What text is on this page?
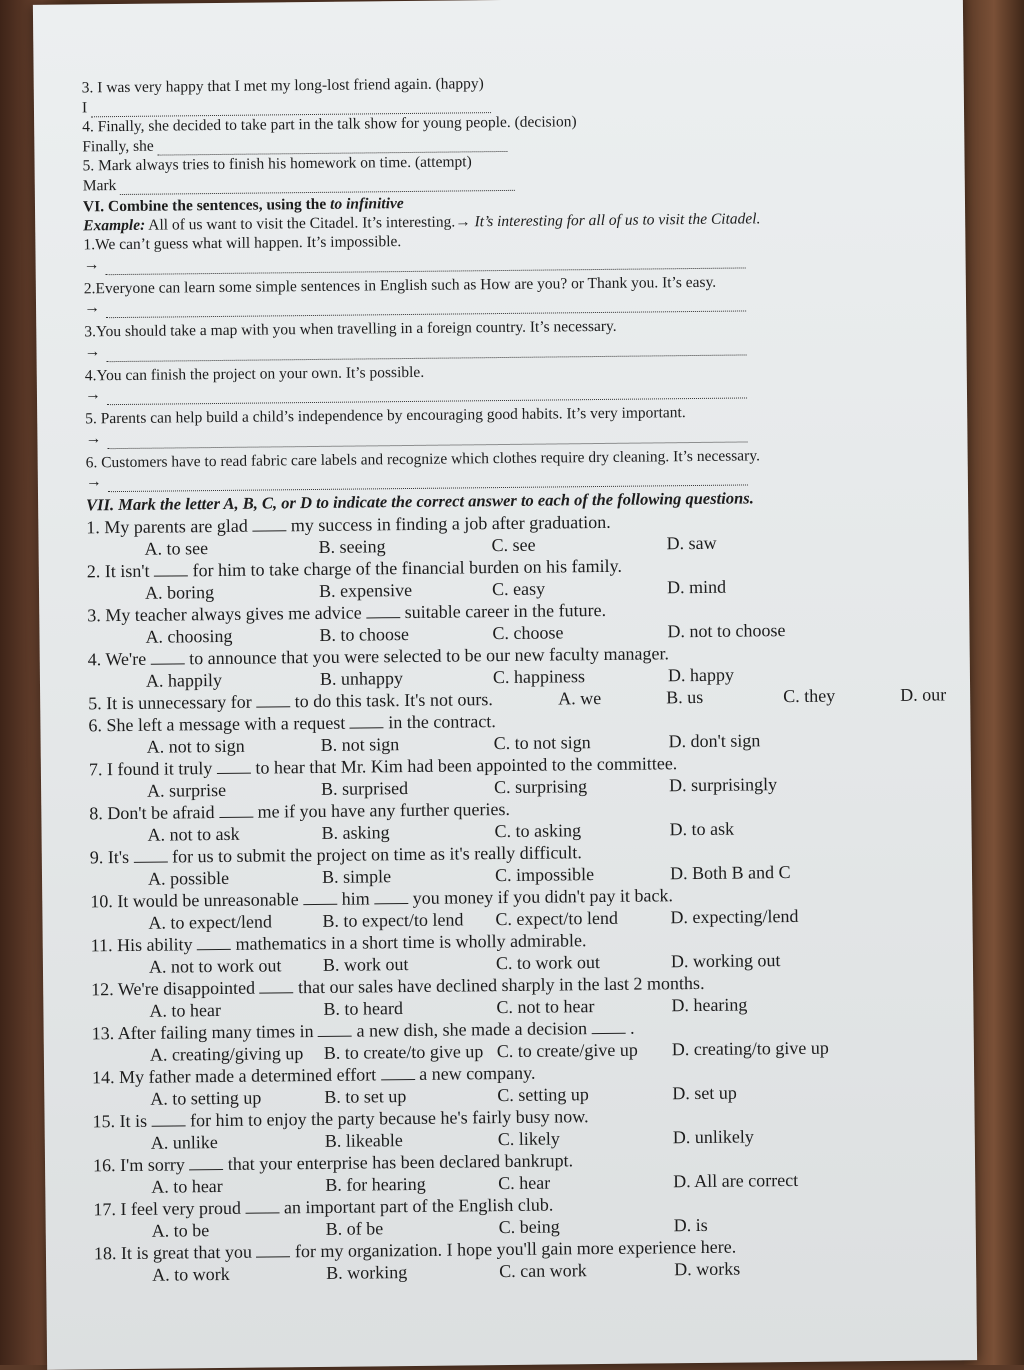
3. I was very happy that I met my long-lost friend again. (happy)
I
4. Finally, she decided to take part in the talk show for young people. (decision)
Finally, she
5. Mark always tries to finish his homework on time. (attempt)
Mark
VI. Combine the sentences, using the to infinitive
Example: All of us want to visit the Citadel. It’s interesting.→ It’s interesting for all of us to visit the Citadel.
1.We can’t guess what will happen. It’s impossible.
→
2.Everyone can learn some simple sentences in English such as How are you? or Thank you. It’s easy.
→
3.You should take a map with you when travelling in a foreign country. It’s necessary.
→
4.You can finish the project on your own. It’s possible.
→
5. Parents can help build a child’s independence by encouraging good habits. It’s very important.
→
6. Customers have to read fabric care labels and recognize which clothes require dry cleaning. It’s necessary.
→
VII. Mark the letter A, B, C, or D to indicate the correct answer to each of the following questions.
1. My parents are glad my success in finding a job after graduation.
A. to see	B. seeing	C. see	D. saw
2. It isn't for him to take charge of the financial burden on his family.
A. boring	B. expensive	C. easy	D. mind
3. My teacher always gives me advice suitable career in the future.
A. choosing	B. to choose	C. choose	D. not to choose
4. We're to announce that you were selected to be our new faculty manager.
A. happily	B. unhappy	C. happiness	D. happy
5. It is unnecessary for to do this task. It's not ours.	A. we	B. us	C. they	D. our
6. She left a message with a request in the contract.
A. not to sign	B. not sign	C. to not sign	D. don't sign
7. I found it truly to hear that Mr. Kim had been appointed to the committee.
A. surprise	B. surprised	C. surprising	D. surprisingly
8. Don't be afraid me if you have any further queries.
A. not to ask	B. asking	C. to asking	D. to ask
9. It's for us to submit the project on time as it's really difficult.
A. possible	B. simple	C. impossible	D. Both B and C
10. It would be unreasonable him you money if you didn't pay it back.
A. to expect/lend	B. to expect/to lend C. expect/to lend	D. expecting/lend
11. His ability mathematics in a short time is wholly admirable.
A. not to work out B. work out	C. to work out	D. working out
12. We're disappointed that our sales have declined sharply in the last 2 months.
A. to hear	B. to heard	C. not to hear	D. hearing
13. After failing many times in a new dish, she made a decision .
A. creating/giving up B. to create/to give up C. to create/give up D. creating/to give up
14. My father made a determined effort a new company.
A. to setting up	B. to set up	C. setting up	D. set up
15. It is for him to enjoy the party because he's fairly busy now.
A. unlike	B. likeable	C. likely	D. unlikely
16. I'm sorry that your enterprise has been declared bankrupt.
A. to hear	B. for hearing	C. hear	D. All are correct
17. I feel very proud an important part of the English club.
A. to be	B. of be	C. being	D. is
18. It is great that you for my organization. I hope you'll gain more experience here.
A. to work	B. working	C. can work	D. works
